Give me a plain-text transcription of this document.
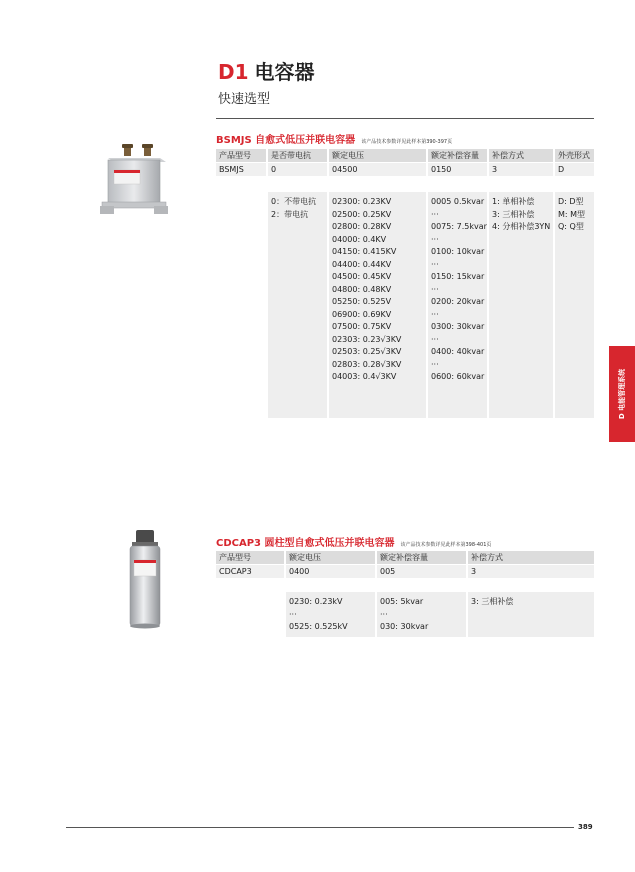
D1 电容器
快速选型
BSMJS 自愈式低压并联电容器 该产品技术参数详见此样本第390-397页
产品型号
BSMJS
是否带电抗
0
0：不带电抗
2：带电抗
额定电压
04500
02300: 0.23KV
02500: 0.25KV
02800: 0.28KV
04000: 0.4KV
04150: 0.415KV
04400: 0.44KV
04500: 0.45KV
04800: 0.48KV
05250: 0.525V
06900: 0.69KV
07500: 0.75KV
02303: 0.23√3KV
02503: 0.25√3KV
02803: 0.28√3KV
04003: 0.4√3KV
额定补偿容量
0150
0005 0.5kvar
···
0075: 7.5kvar
···
0100: 10kvar
···
0150: 15kvar
···
0200: 20kvar
···
0300: 30kvar
···
0400: 40kvar
···
0600: 60kvar
补偿方式
3
1: 单相补偿
3: 三相补偿
4: 分相补偿3YN
外壳形式
D
D: D型
M: M型
Q: Q型
D 电能管理系统
CDCAP3 圆柱型自愈式低压并联电容器 该产品技术参数详见此样本第398-401页
产品型号
CDCAP3
额定电压
0400
0230: 0.23kV
···
0525: 0.525kV
额定补偿容量
005
005: 5kvar
···
030: 30kvar
补偿方式
3
3: 三相补偿
389
